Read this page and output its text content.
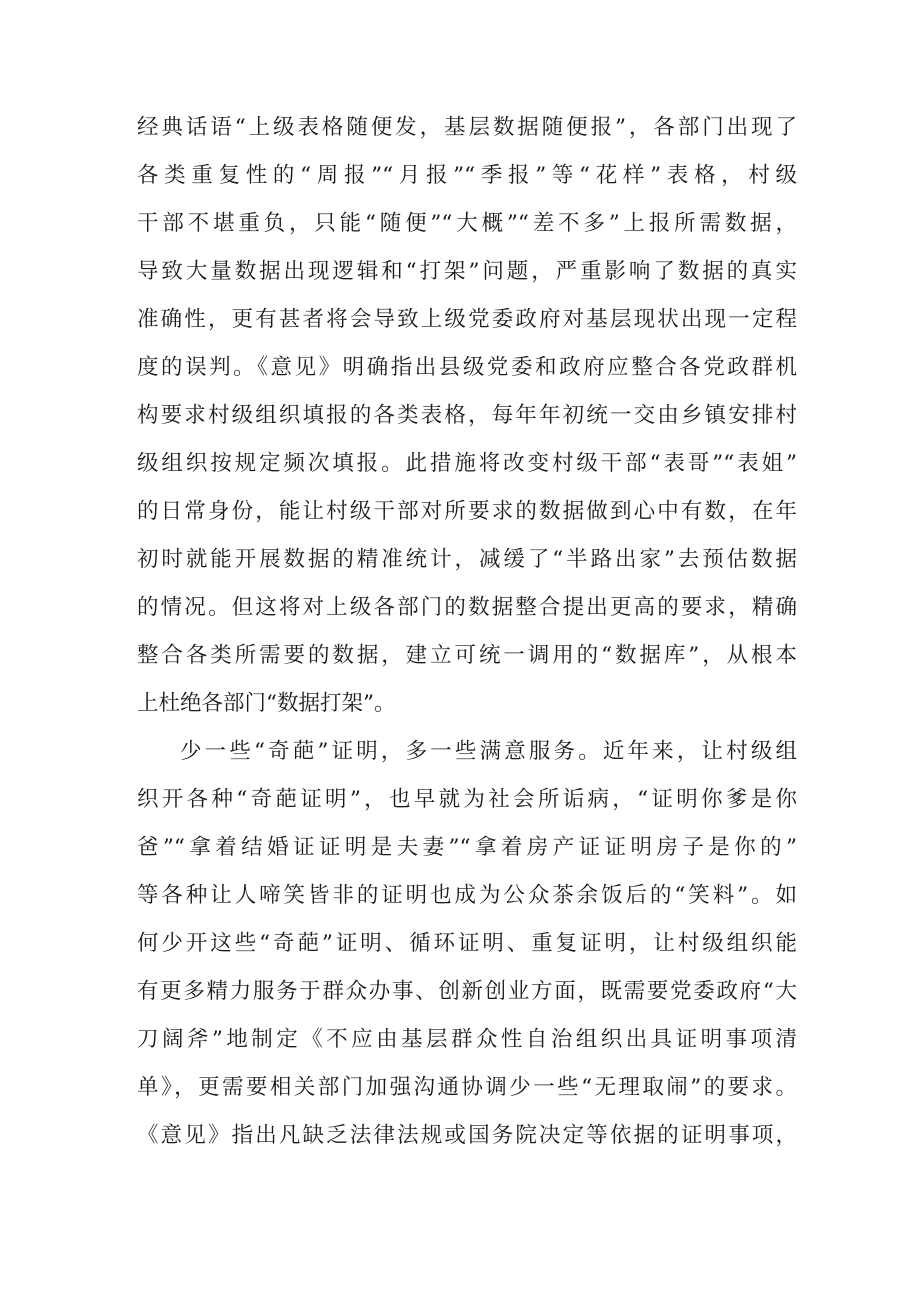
经典话语“上级表格随便发，基层数据随便报”，各部门出现了
各类重复性的“周报”“月报”“季报”等“花样”表格，村级
干部不堪重负，只能“随便”“大概”“差不多”上报所需数据，
导致大量数据出现逻辑和“打架”问题，严重影响了数据的真实
准确性，更有甚者将会导致上级党委政府对基层现状出现一定程
度的误判。《意见》明确指出县级党委和政府应整合各党政群机
构要求村级组织填报的各类表格，每年年初统一交由乡镇安排村
级组织按规定频次填报。此措施将改变村级干部“表哥”“表姐”
的日常身份，能让村级干部对所要求的数据做到心中有数，在年
初时就能开展数据的精准统计，减缓了“半路出家”去预估数据
的情况。但这将对上级各部门的数据整合提出更高的要求，精确
整合各类所需要的数据，建立可统一调用的“数据库”，从根本
上杜绝各部门“数据打架”。
少一些“奇葩”证明，多一些满意服务。近年来，让村级组
织开各种“奇葩证明”，也早就为社会所诟病，“证明你爹是你
爸”“拿着结婚证证明是夫妻”“拿着房产证证明房子是你的”
等各种让人啼笑皆非的证明也成为公众茶余饭后的“笑料”。如
何少开这些“奇葩”证明、循环证明、重复证明，让村级组织能
有更多精力服务于群众办事、创新创业方面，既需要党委政府“大
刀阔斧”地制定《不应由基层群众性自治组织出具证明事项清
单》，更需要相关部门加强沟通协调少一些“无理取闹”的要求。
《意见》指出凡缺乏法律法规或国务院决定等依据的证明事项，
